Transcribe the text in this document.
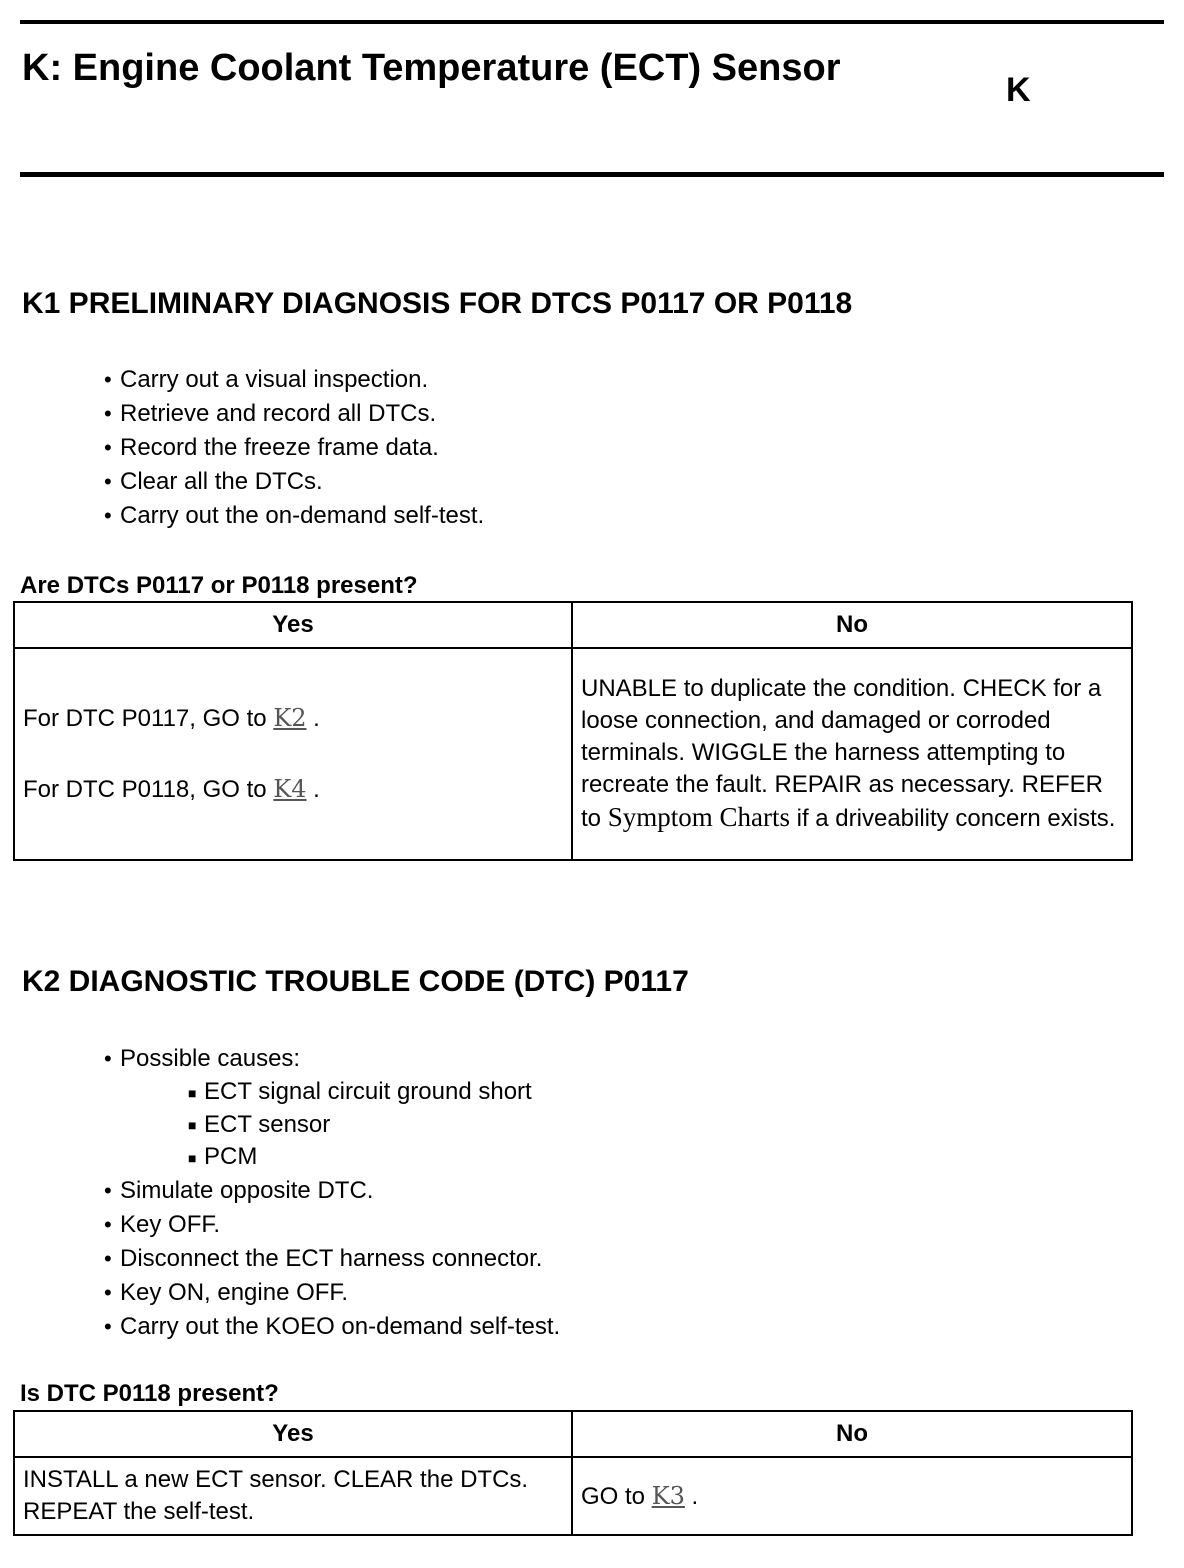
K: Engine Coolant Temperature (ECT) Sensor
K
K1 PRELIMINARY DIAGNOSIS FOR DTCS P0117 OR P0118
• Carry out a visual inspection.
• Retrieve and record all DTCs.
• Record the freeze frame data.
• Clear all the DTCs.
• Carry out the on-demand self-test.

Are DTCs P0117 or P0118 present?

Yes	No

For DTC P0117, GO to K2 .

For DTC P0118, GO to K4 .	UNABLE to duplicate the condition. CHECK for a loose connection, and damaged or corroded terminals. WIGGLE the harness attempting to recreate the fault. REPAIR as necessary. REFER to Symptom Charts if a driveability concern exists.
K2 DIAGNOSTIC TROUBLE CODE (DTC) P0117
• Possible causes:
■ ECT signal circuit ground short
■ ECT sensor
■ PCM
• Simulate opposite DTC.
• Key OFF.
• Disconnect the ECT harness connector.
• Key ON, engine OFF.
• Carry out the KOEO on-demand self-test.

Is DTC P0118 present?

Yes	No
INSTALL a new ECT sensor. CLEAR the DTCs. REPEAT the self-test.	GO to K3 .
